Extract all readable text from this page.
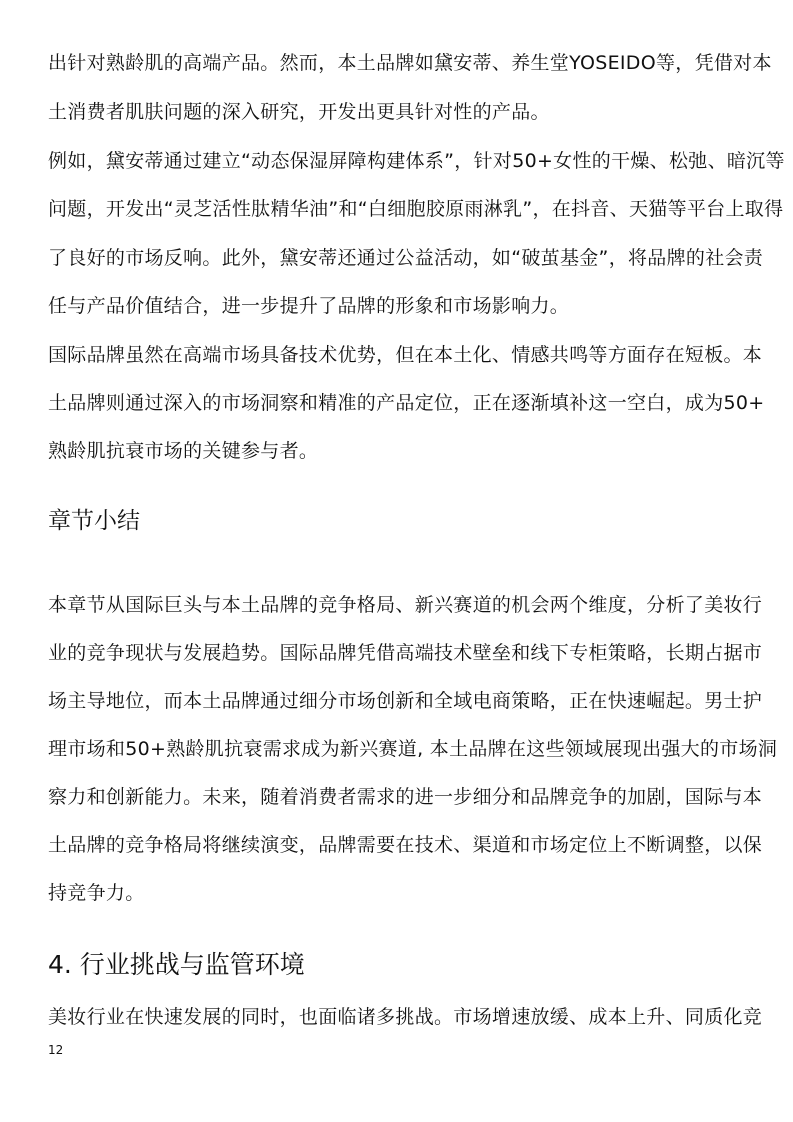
出针对熟龄肌的高端产品。然而，本土品牌如黛安蒂、养生堂YOSEIDO等，凭借对本
土消费者肌肤问题的深入研究，开发出更具针对性的产品。
例如，黛安蒂通过建立“动态保湿屏障构建体系”，针对50+女性的干燥、松弛、暗沉等
问题，开发出“灵芝活性肽精华油”和“白细胞胶原雨淋乳”，在抖音、天猫等平台上取得
了良好的市场反响。此外，黛安蒂还通过公益活动，如“破茧基金”，将品牌的社会责
任与产品价值结合，进一步提升了品牌的形象和市场影响力。
国际品牌虽然在高端市场具备技术优势，但在本土化、情感共鸣等方面存在短板。本
土品牌则通过深入的市场洞察和精准的产品定位，正在逐渐填补这一空白，成为50+
熟龄肌抗衰市场的关键参与者。
章节小结
本章节从国际巨头与本土品牌的竞争格局、新兴赛道的机会两个维度，分析了美妆行
业的竞争现状与发展趋势。国际品牌凭借高端技术壁垒和线下专柜策略，长期占据市
场主导地位，而本土品牌通过细分市场创新和全域电商策略，正在快速崛起。男士护
理市场和50+熟龄肌抗衰需求成为新兴赛道, 本土品牌在这些领域展现出强大的市场洞
察力和创新能力。未来，随着消费者需求的进一步细分和品牌竞争的加剧，国际与本
土品牌的竞争格局将继续演变，品牌需要在技术、渠道和市场定位上不断调整，以保
持竞争力。
4. 行业挑战与监管环境
美妆行业在快速发展的同时，也面临诸多挑战。市场增速放缓、成本上升、同质化竞
12
